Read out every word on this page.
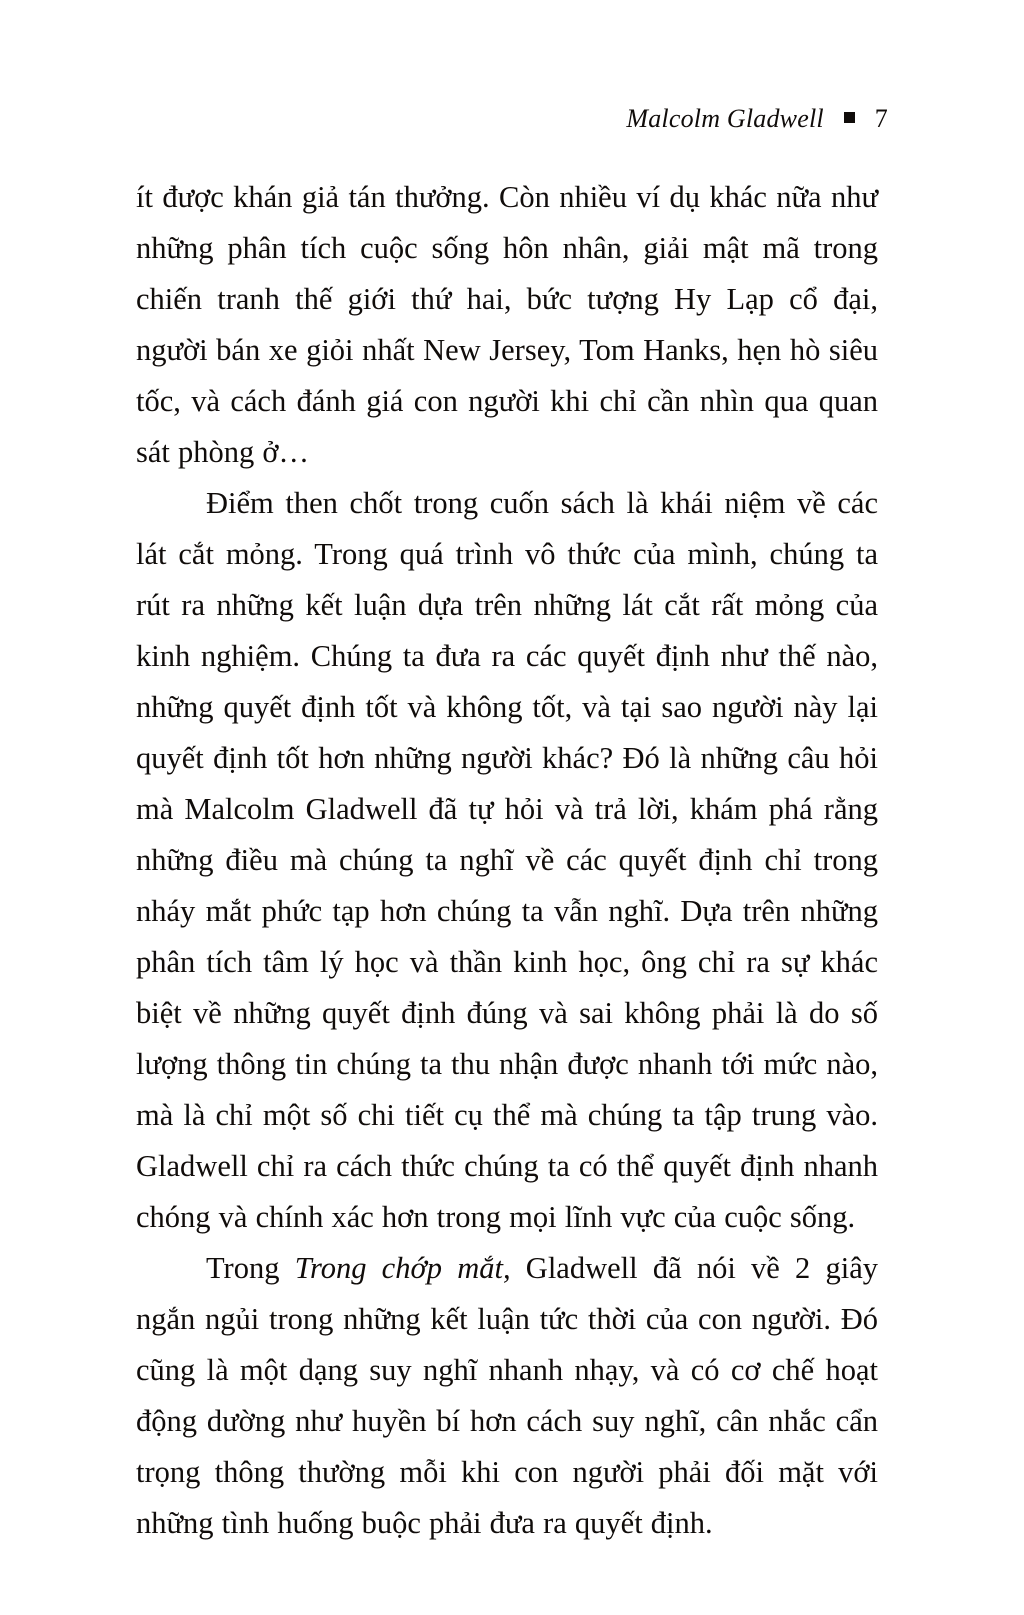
Malcolm Gladwell 7

ít được khán giả tán thưởng. Còn nhiều ví dụ khác nữa như những phân tích cuộc sống hôn nhân, giải mật mã trong chiến tranh thế giới thứ hai, bức tượng Hy Lạp cổ đại, người bán xe giỏi nhất New Jersey, Tom Hanks, hẹn hò siêu tốc, và cách đánh giá con người khi chỉ cần nhìn qua quan sát phòng ở…

Điểm then chốt trong cuốn sách là khái niệm về các lát cắt mỏng. Trong quá trình vô thức của mình, chúng ta rút ra những kết luận dựa trên những lát cắt rất mỏng của kinh nghiệm. Chúng ta đưa ra các quyết định như thế nào, những quyết định tốt và không tốt, và tại sao người này lại quyết định tốt hơn những người khác? Đó là những câu hỏi mà Malcolm Gladwell đã tự hỏi và trả lời, khám phá rằng những điều mà chúng ta nghĩ về các quyết định chỉ trong nháy mắt phức tạp hơn chúng ta vẫn nghĩ. Dựa trên những phân tích tâm lý học và thần kinh học, ông chỉ ra sự khác biệt về những quyết định đúng và sai không phải là do số lượng thông tin chúng ta thu nhận được nhanh tới mức nào, mà là chỉ một số chi tiết cụ thể mà chúng ta tập trung vào. Gladwell chỉ ra cách thức chúng ta có thể quyết định nhanh chóng và chính xác hơn trong mọi lĩnh vực của cuộc sống.

Trong Trong chớp mắt, Gladwell đã nói về 2 giây ngắn ngủi trong những kết luận tức thời của con người. Đó cũng là một dạng suy nghĩ nhanh nhạy, và có cơ chế hoạt động dường như huyền bí hơn cách suy nghĩ, cân nhắc cẩn trọng thông thường mỗi khi con người phải đối mặt với những tình huống buộc phải đưa ra quyết định.
